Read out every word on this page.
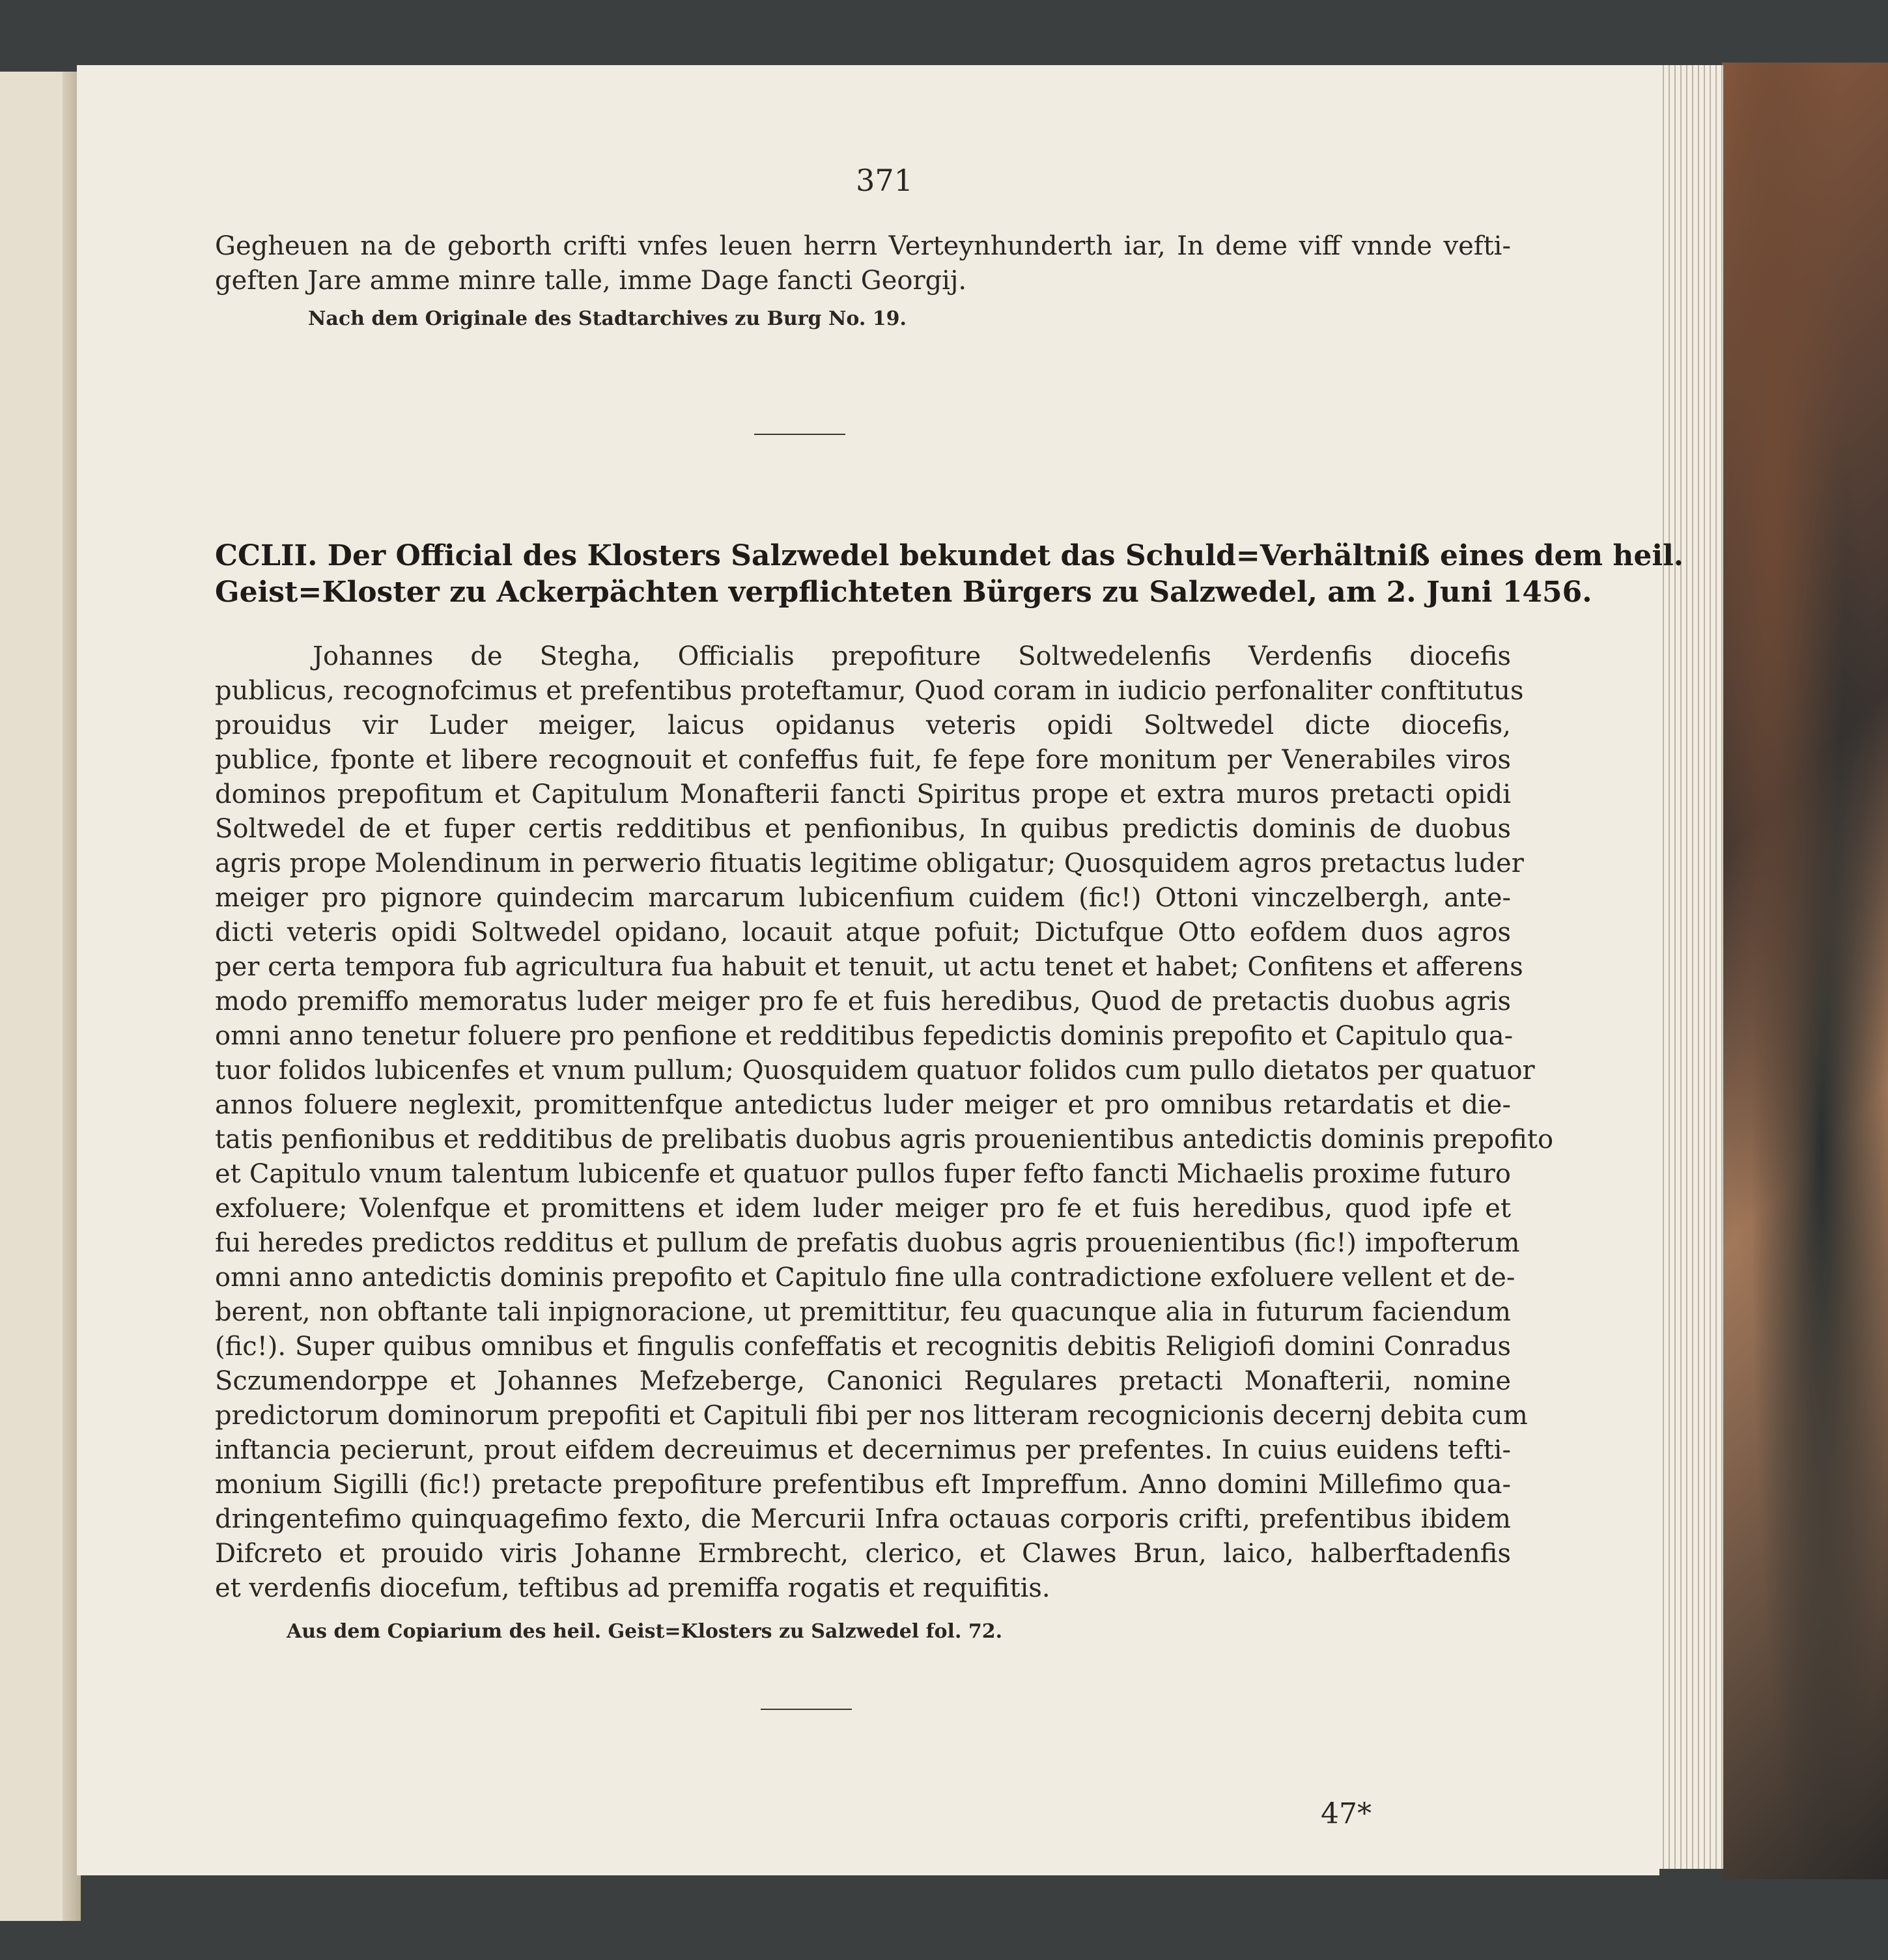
371
Gegheuen na de geborth crifti vnfes leuen herrn Verteynhunderth iar, In deme viff vnnde vefti-
geften Jare amme minre talle, imme Dage fancti Georgij.
Nach dem Originale des Stadtarchives zu Burg No. 19.
CCLII. Der Official des Klosters Salzwedel bekundet das Schuld=Verhältniß eines dem heil.
Geist=Kloster zu Ackerpächten verpflichteten Bürgers zu Salzwedel, am 2. Juni 1456.
Johannes de Stegha, Officialis prepofiture Soltwedelenfis Verdenfis diocefis
publicus, recognofcimus et prefentibus proteftamur, Quod coram in iudicio perfonaliter conftitutus
prouidus vir Luder meiger, laicus opidanus veteris opidi Soltwedel dicte diocefis,
publice, fponte et libere recognouit et confeffus fuit, fe fepe fore monitum per Venerabiles viros
dominos prepofitum et Capitulum Monafterii fancti Spiritus prope et extra muros pretacti opidi
Soltwedel de et fuper certis redditibus et penfionibus, In quibus predictis dominis de duobus
agris prope Molendinum in perwerio fituatis legitime obligatur; Quosquidem agros pretactus luder
meiger pro pignore quindecim marcarum lubicenfium cuidem (fic!) Ottoni vinczelbergh, ante-
dicti veteris opidi Soltwedel opidano, locauit atque pofuit; Dictufque Otto eofdem duos agros
per certa tempora fub agricultura fua habuit et tenuit, ut actu tenet et habet; Confitens et afferens
modo premiffo memoratus luder meiger pro fe et fuis heredibus, Quod de pretactis duobus agris
omni anno tenetur foluere pro penfione et redditibus fepedictis dominis prepofito et Capitulo qua-
tuor folidos lubicenfes et vnum pullum; Quosquidem quatuor folidos cum pullo dietatos per quatuor
annos foluere neglexit, promittenfque antedictus luder meiger et pro omnibus retardatis et die-
tatis penfionibus et redditibus de prelibatis duobus agris prouenientibus antedictis dominis prepofito
et Capitulo vnum talentum lubicenfe et quatuor pullos fuper fefto fancti Michaelis proxime futuro
exfoluere; Volenfque et promittens et idem luder meiger pro fe et fuis heredibus, quod ipfe et
fui heredes predictos redditus et pullum de prefatis duobus agris prouenientibus (fic!) impofterum
omni anno antedictis dominis prepofito et Capitulo fine ulla contradictione exfoluere vellent et de-
berent, non obftante tali inpignoracione, ut premittitur, feu quacunque alia in futurum faciendum
(fic!). Super quibus omnibus et fingulis confeffatis et recognitis debitis Religiofi domini Conradus
Sczumendorppe et Johannes Mefzeberge, Canonici Regulares pretacti Monafterii, nomine
predictorum dominorum prepofiti et Capituli fibi per nos litteram recognicionis decernj debita cum
inftancia pecierunt, prout eifdem decreuimus et decernimus per prefentes. In cuius euidens tefti-
monium Sigilli (fic!) pretacte prepofiture prefentibus eft Impreffum. Anno domini Millefimo qua-
dringentefimo quinquagefimo fexto, die Mercurii Infra octauas corporis crifti, prefentibus ibidem
Difcreto et prouido viris Johanne Ermbrecht, clerico, et Clawes Brun, laico, halberftadenfis
et verdenfis diocefum, teftibus ad premiffa rogatis et requifitis.
Aus dem Copiarium des heil. Geist=Klosters zu Salzwedel fol. 72.
47*
